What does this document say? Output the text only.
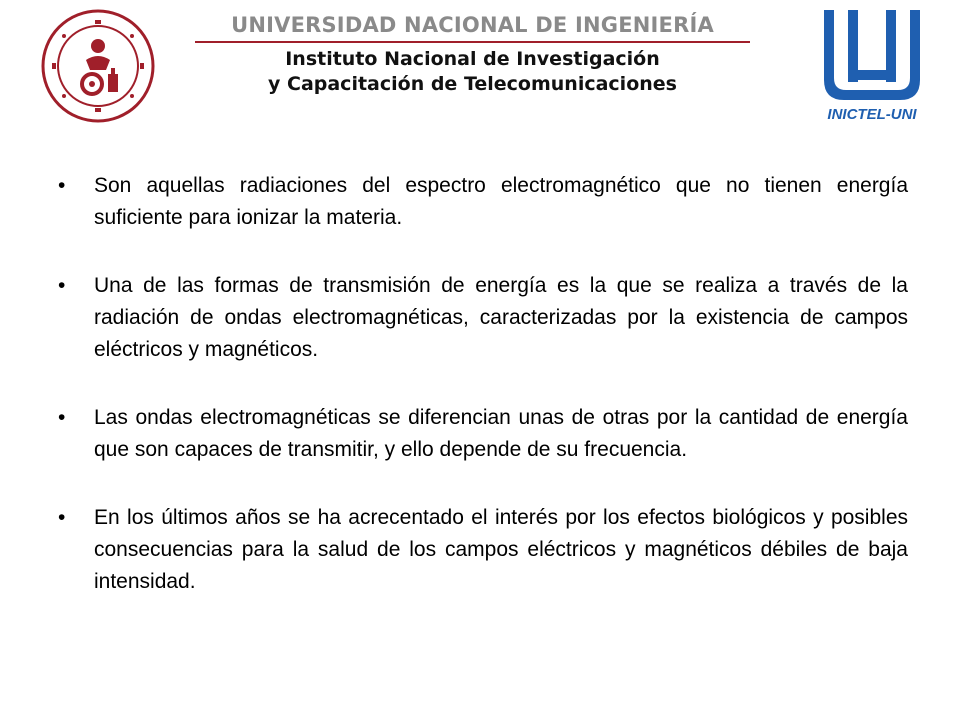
UNIVERSIDAD NACIONAL DE INGENIERÍA
Instituto Nacional de Investigación
y Capacitación de Telecomunicaciones
INICTEL-UNI
• Son aquellas radiaciones del espectro electromagnético que no tienen energía suficiente para ionizar la materia.
• Una de las formas de transmisión de energía es la que se realiza a través de la radiación de ondas electromagnéticas, caracterizadas por la existencia de campos eléctricos y magnéticos.
• Las ondas electromagnéticas se diferencian unas de otras por la cantidad de energía que son capaces de transmitir, y ello depende de su frecuencia.
• En los últimos años se ha acrecentado el interés por los efectos biológicos y posibles consecuencias para la salud de los campos eléctricos y magnéticos débiles de baja intensidad.
